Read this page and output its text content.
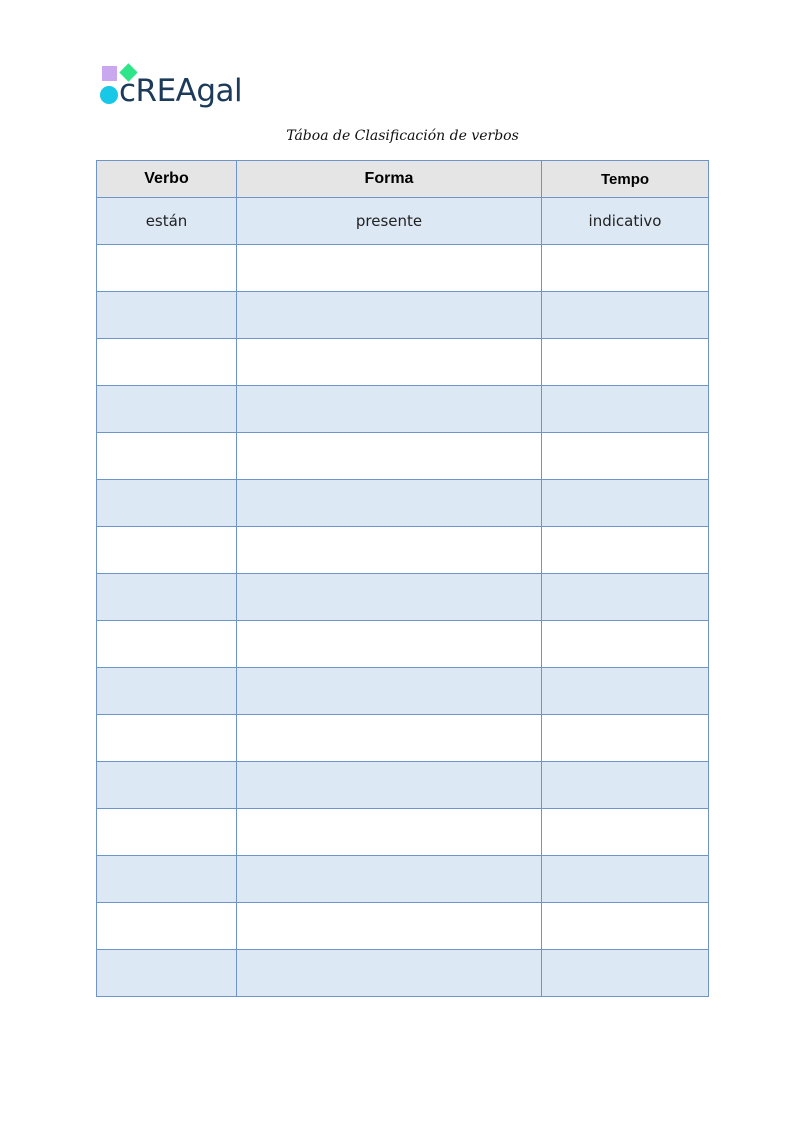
cREAgal
Táboa de Clasificación de verbos
Verbo	Forma	Tempo
están	presente	indicativo
